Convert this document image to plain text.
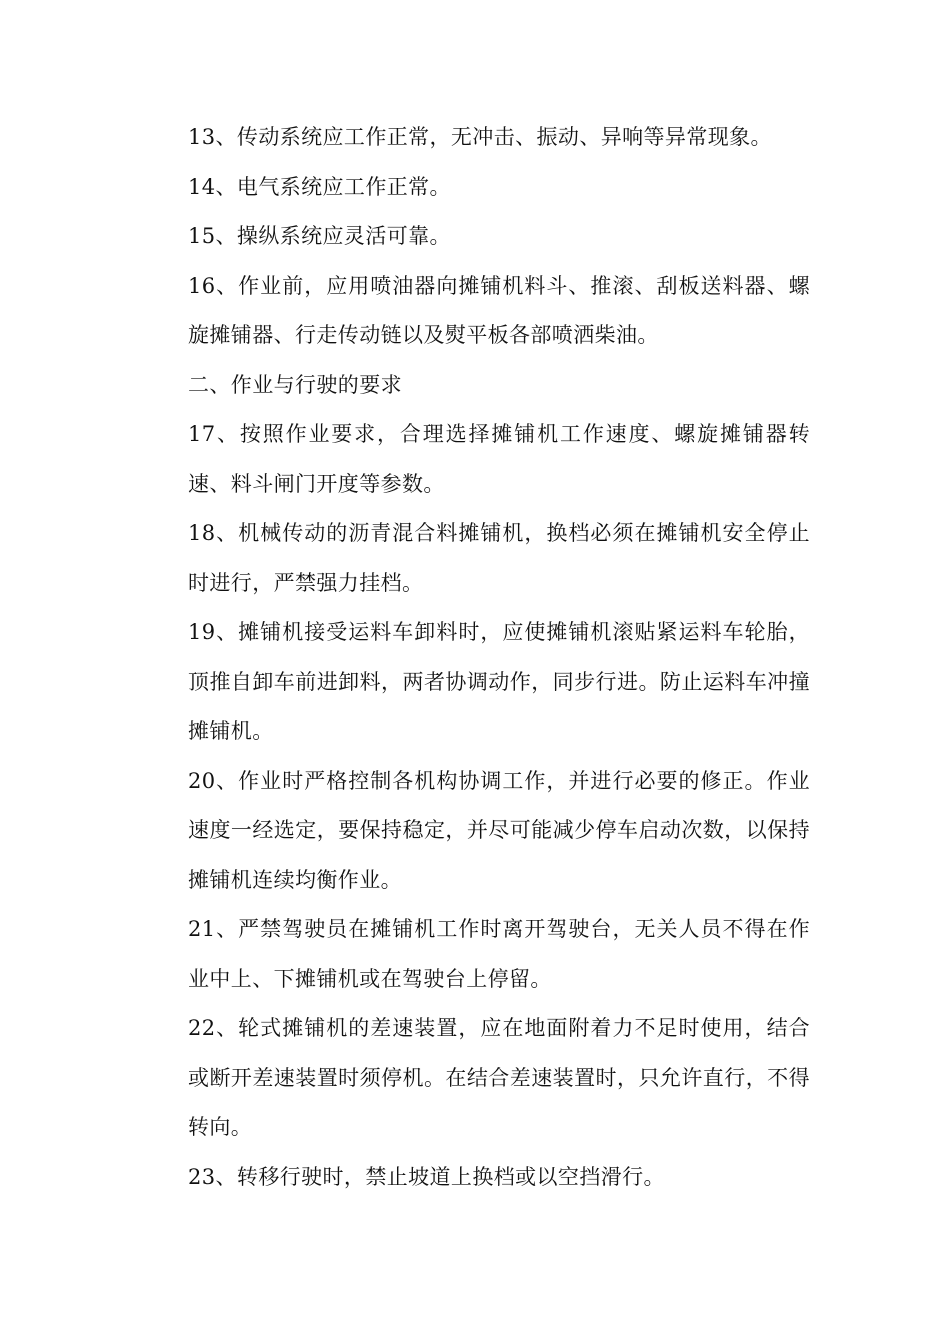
13、传动系统应工作正常，无冲击、振动、异响等异常现象。

14、电气系统应工作正常。

15、操纵系统应灵活可靠。

16、作业前，应用喷油器向摊铺机料斗、推滚、刮板送料器、螺旋摊铺器、行走传动链以及熨平板各部喷洒柴油。

二、作业与行驶的要求

17、按照作业要求，合理选择摊铺机工作速度、螺旋摊铺器转速、料斗闸门开度等参数。

18、机械传动的沥青混合料摊铺机，换档必须在摊铺机安全停止时进行，严禁强力挂档。

19、摊铺机接受运料车卸料时，应使摊铺机滚贴紧运料车轮胎，顶推自卸车前进卸料，两者协调动作，同步行进。防止运料车冲撞摊铺机。

20、作业时严格控制各机构协调工作，并进行必要的修正。作业速度一经选定，要保持稳定，并尽可能减少停车启动次数，以保持摊铺机连续均衡作业。

21、严禁驾驶员在摊铺机工作时离开驾驶台，无关人员不得在作业中上、下摊铺机或在驾驶台上停留。

22、轮式摊铺机的差速装置，应在地面附着力不足时使用，结合或断开差速装置时须停机。在结合差速装置时，只允许直行，不得转向。

23、转移行驶时，禁止坡道上换档或以空挡滑行。
